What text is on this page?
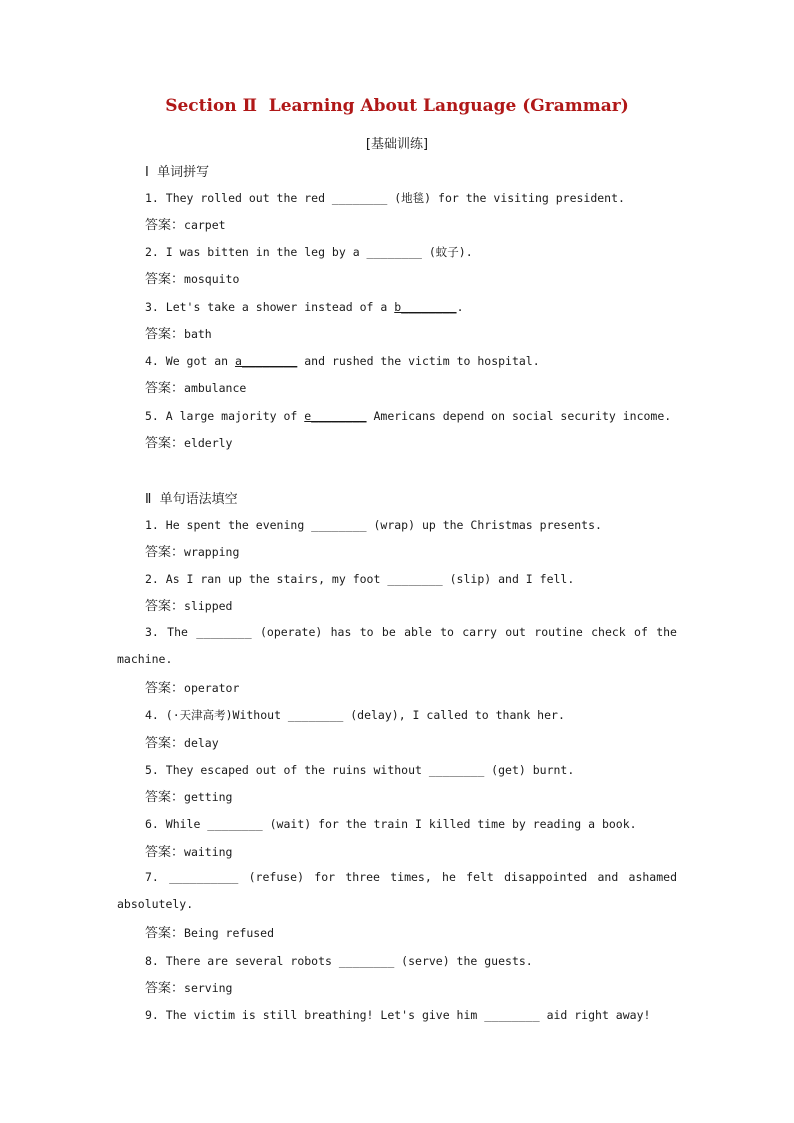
Section Ⅱ  Learning About Language (Grammar)
[基础训练]
Ⅰ  单词拼写
1. They rolled out the red ________ (地毯) for the visiting president.
答案：carpet
2. I was bitten in the leg by a ________ (蚊子).
答案：mosquito
3. Let's take a shower instead of a b________.
答案：bath
4. We got an a________ and rushed the victim to hospital.
答案：ambulance
5. A large majority of e________ Americans depend on social security income.
答案：elderly
Ⅱ  单句语法填空
1. He spent the evening ________ (wrap) up the Christmas presents.
答案：wrapping
2. As I ran up the stairs, my foot ________ (slip) and I fell.
答案：slipped
3. The ________ (operate) has to be able to carry out routine check of the machine.
答案：operator
4. (·天津高考)Without ________ (delay), I called to thank her.
答案：delay
5. They escaped out of the ruins without ________ (get) burnt.
答案：getting
6. While ________ (wait) for the train I killed time by reading a book.
答案：waiting
7. __________ (refuse) for three times, he felt disappointed and ashamed absolutely.
答案：Being refused
8. There are several robots ________ (serve) the guests.
答案：serving
9. The victim is still breathing! Let's give him ________ aid right away!
